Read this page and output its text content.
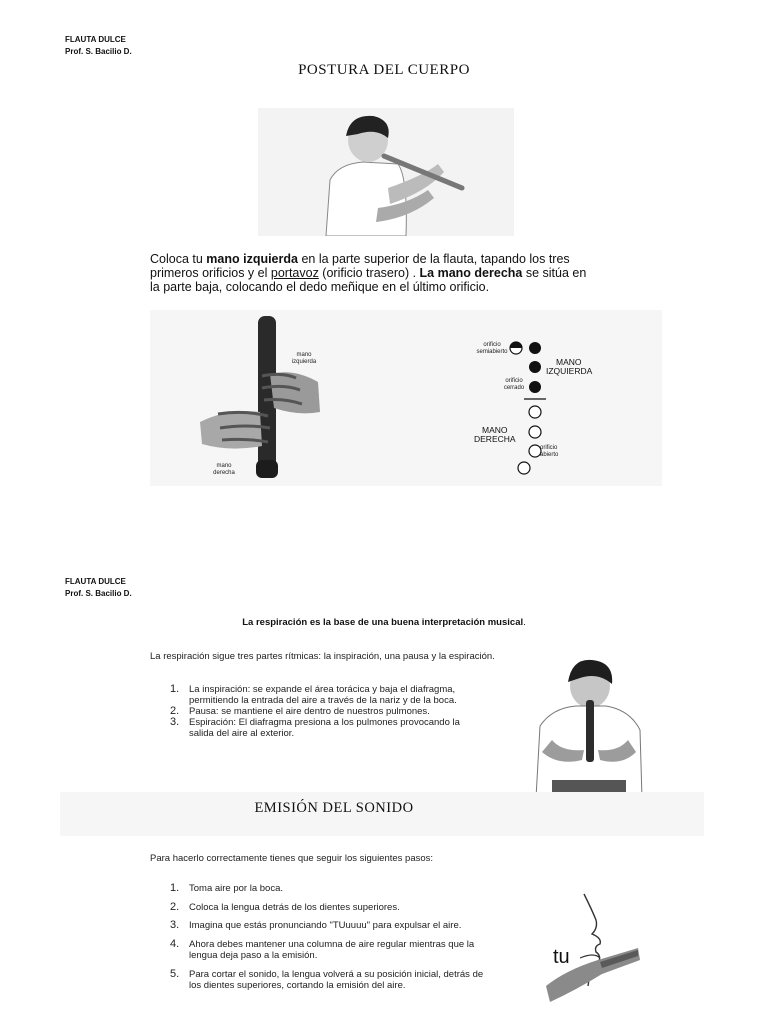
FLAUTA DULCE
Prof. S. Bacilio D.
POSTURA DEL CUERPO
Coloca tu mano izquierda en la parte superior de la flauta, tapando los tres
primeros orificios y el portavoz (orificio trasero) . La mano derecha se sitúa en
la parte baja, colocando el dedo meñique en el último orificio.
mano
izquierda
mano
derecha
orificio
semiabierto
orificio
cerrado
orificio
abierto
MANO
IZQUIERDA
MANO
DERECHA
FLAUTA DULCE
Prof. S. Bacilio D.
La respiración es la base de una buena interpretación musical.
La respiración sigue tres partes rítmicas: la inspiración, una pausa y la espiración.
1. La inspiración: se expande el área torácica y baja el diafragma,
permitiendo la entrada del aire a través de la nariz y de la boca.
2. Pausa: se mantiene el aire dentro de nuestros pulmones.
3. Espiración: El diafragma presiona a los pulmones provocando la
salida del aire al exterior.
EMISIÓN DEL SONIDO
Para hacerlo correctamente tienes que seguir los siguientes pasos:
1. Toma aire por la boca.
2. Coloca la lengua detrás de los dientes superiores.
3. Imagina que estás pronunciando "TUuuuu" para expulsar el aire.
4. Ahora debes mantener una columna de aire regular mientras que la
lengua deja paso a la emisión.
5. Para cortar el sonido, la lengua volverá a su posición inicial, detrás de
los dientes superiores, cortando la emisión del aire.
tu
